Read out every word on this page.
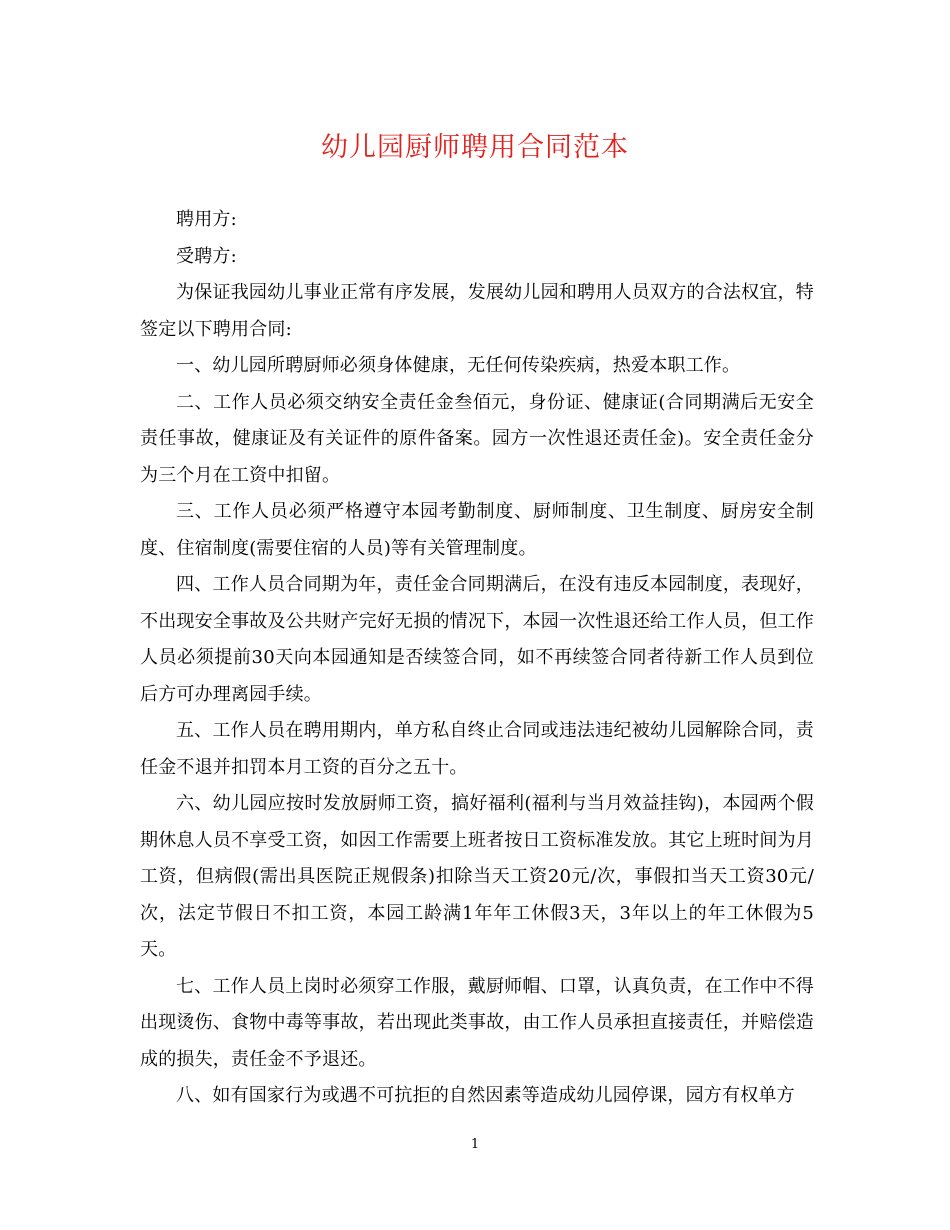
幼儿园厨师聘用合同范本

聘用方:

受聘方:

为保证我园幼儿事业正常有序发展，发展幼儿园和聘用人员双方的合法权宜，特签定以下聘用合同:

一、幼儿园所聘厨师必须身体健康，无任何传染疾病，热爱本职工作。

二、工作人员必须交纳安全责任金叁佰元，身份证、健康证(合同期满后无安全责任事故，健康证及有关证件的原件备案。园方一次性退还责任金)。安全责任金分为三个月在工资中扣留。

三、工作人员必须严格遵守本园考勤制度、厨师制度、卫生制度、厨房安全制度、住宿制度(需要住宿的人员)等有关管理制度。

四、工作人员合同期为年，责任金合同期满后，在没有违反本园制度，表现好，不出现安全事故及公共财产完好无损的情况下，本园一次性退还给工作人员，但工作人员必须提前30天向本园通知是否续签合同，如不再续签合同者待新工作人员到位后方可办理离园手续。

五、工作人员在聘用期内，单方私自终止合同或违法违纪被幼儿园解除合同，责任金不退并扣罚本月工资的百分之五十。

六、幼儿园应按时发放厨师工资，搞好福利(福利与当月效益挂钩)，本园两个假期休息人员不享受工资，如因工作需要上班者按日工资标准发放。其它上班时间为月工资，但病假(需出具医院正规假条)扣除当天工资20元/次，事假扣当天工资30元/次，法定节假日不扣工资，本园工龄满1年年工休假3天，3年以上的年工休假为5天。

七、工作人员上岗时必须穿工作服，戴厨师帽、口罩，认真负责，在工作中不得出现烫伤、食物中毒等事故，若出现此类事故，由工作人员承担直接责任，并赔偿造成的损失，责任金不予退还。

八、如有国家行为或遇不可抗拒的自然因素等造成幼儿园停课，园方有权单方

1
